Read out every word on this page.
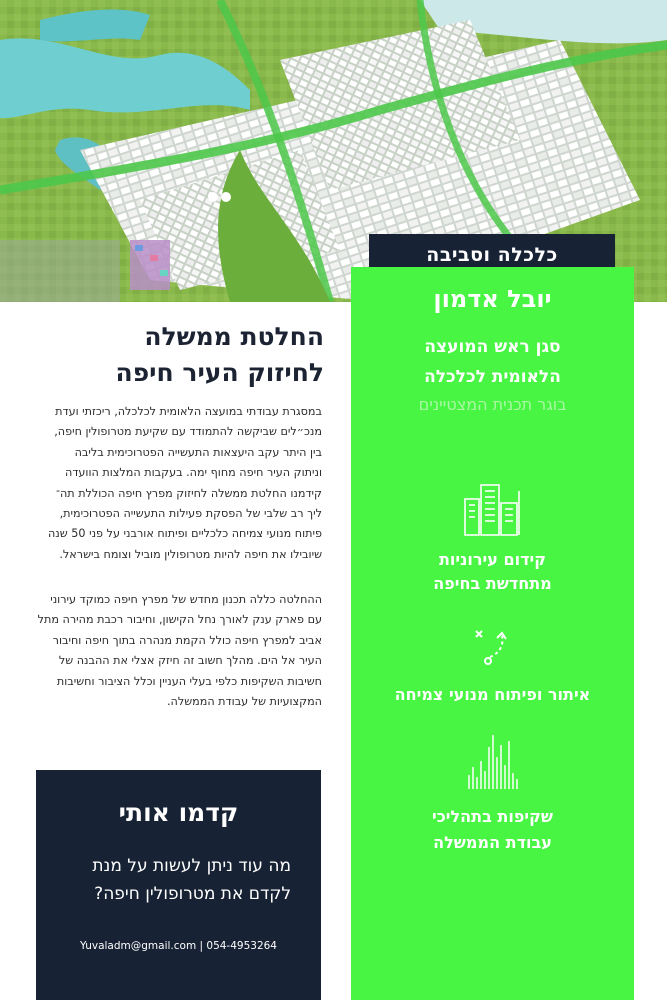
כלכלה וסביבה
יובל אדמון
סגן ראש המועצה
הלאומית לכלכלה
בוגר תכנית המצטיינים
קידום עירוניות
מתחדשת בחיפה
איתור ופיתוח מנועי צמיחה
שקיפות בתהליכי
עבודת הממשלה
החלטת ממשלה
לחיזוק העיר חיפה
במסגרת עבודתי במועצה הלאומית לכלכלה, ריכזתי ועדת
מנכ״לים שביקשה להתמודד עם שקיעת מטרופולין חיפה,
בין היתר עקב היעצאות התעשייה הפטרוכימית בליבה
וניתוק העיר חיפה מחוף ימה. בעקבות המלצות הוועדה
קידמנו החלטת ממשלה לחיזוק מפרץ חיפה הכוללת תה־
ליך רב שלבי של הפסקת פעילות התעשייה הפטרוכימית,
פיתוח מנועי צמיחה כלכליים ופיתוח אורבני על פני 50 שנה
שיובילו את חיפה להיות מטרופולין מוביל וצומח בישראל.
ההחלטה כללה תכנון מחדש של מפרץ חיפה כמוקד עירוני
עם פארק ענק לאורך נחל הקישון, וחיבור רכבת מהירה מתל
אביב למפרץ חיפה כולל הקמת מנהרה בתוך חיפה וחיבור
העיר אל הים. מהלך חשוב זה חיזק אצלי את ההבנה של
חשיבות השקיפות כלפי בעלי העניין וכלל הציבור וחשיבות
המקצועיות של עבודת הממשלה.
קדמו אותי
מה עוד ניתן לעשות על מנת
לקדם את מטרופולין חיפה?
Yuvaladm@gmail.com | 054-4953264
